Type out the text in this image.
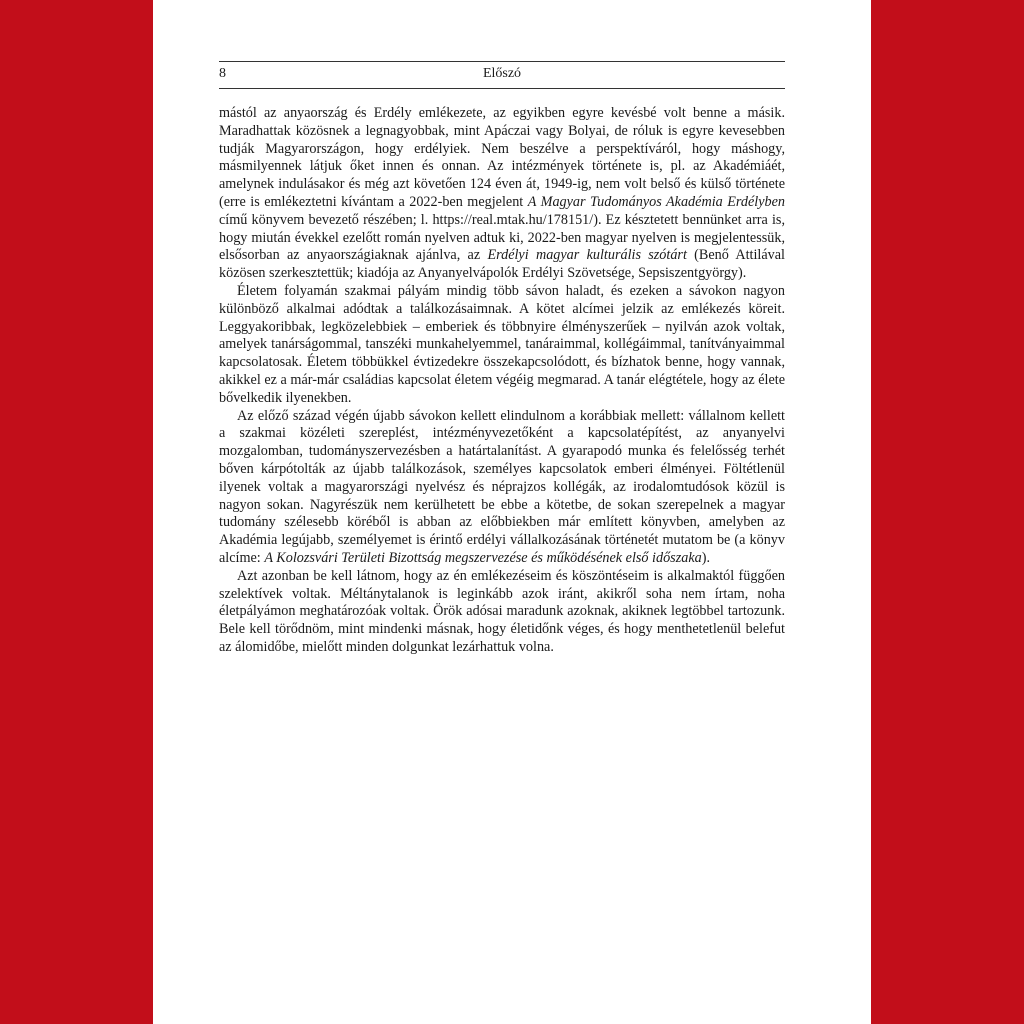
8	Előszó

mástól az anyaország és Erdély emlékezete, az egyikben egyre kevésbé volt benne a másik. Maradhattak közösnek a legnagyobbak, mint Apáczai vagy Bolyai, de róluk is egyre kevesebben tudják Magyarországon, hogy erdélyiek. Nem beszélve a perspektíváról, hogy máshogy, másmilyennek látjuk őket innen és onnan. Az intézmények története is, pl. az Akadémiáét, amelynek indulásakor és még azt követően 124 éven át, 1949-ig, nem volt belső és külső története (erre is emlékeztetni kívántam a 2022-ben megjelent A Magyar Tudományos Akadémia Erdélyben című könyvem bevezető részében; l. https://real.mtak.hu/178151/). Ez késztetett bennünket arra is, hogy miután évekkel ezelőtt román nyelven adtuk ki, 2022-ben magyar nyelven is megjelentessük, elsősorban az anyaországiaknak ajánlva, az Erdélyi magyar kulturális szótárt (Benő Attilával közösen szerkesztettük; kiadója az Anyanyelvápolók Erdélyi Szövetsége, Sepsiszentgyörgy).

Életem folyamán szakmai pályám mindig több sávon haladt, és ezeken a sávokon nagyon különböző alkalmai adódtak a találkozásaimnak. A kötet alcímei jelzik az emlékezés köreit. Leggyakoribbak, legközelebbiek – emberiek és többnyire élményszerűek – nyilván azok voltak, amelyek tanárságommal, tanszéki munkahelyemmel, tanáraimmal, kollégáimmal, tanítványaimmal kapcsolatosak. Életem többükkel évtizedekre összekapcsolódott, és bízhatok benne, hogy vannak, akikkel ez a már-már családias kapcsolat életem végéig megmarad. A tanár elégtétele, hogy az élete bővelkedik ilyenekben.

Az előző század végén újabb sávokon kellett elindulnom a korábbiak mellett: vállalnom kellett a szakmai közéleti szereplést, intézményvezetőként a kapcsolatépítést, az anyanyelvi mozgalomban, tudományszervezésben a határtalanítást. A gyarapodó munka és felelősség terhét bőven kárpótolták az újabb találkozások, személyes kapcsolatok emberi élményei. Föltétlenül ilyenek voltak a magyarországi nyelvész és néprajzos kollégák, az irodalomtudósok közül is nagyon sokan. Nagyrészük nem kerülhetett be ebbe a kötetbe, de sokan szerepelnek a magyar tudomány szélesebb köréből is abban az előbbiekben már említett könyvben, amelyben az Akadémia legújabb, személyemet is érintő erdélyi vállalkozásának történetét mutatom be (a könyv alcíme: A Kolozsvári Területi Bizottság megszervezése és működésének első időszaka).

Azt azonban be kell látnom, hogy az én emlékezéseim és köszöntéseim is alkalmaktól függően szelektívek voltak. Méltánytalanok is leginkább azok iránt, akikről soha nem írtam, noha életpályámon meghatározóak voltak. Örök adósai maradunk azoknak, akiknek legtöbbel tartozunk. Bele kell törődnöm, mint mindenki másnak, hogy életidőnk véges, és hogy menthetetlenül belefut az álomidőbe, mielőtt minden dolgunkat lezárhattuk volna.
